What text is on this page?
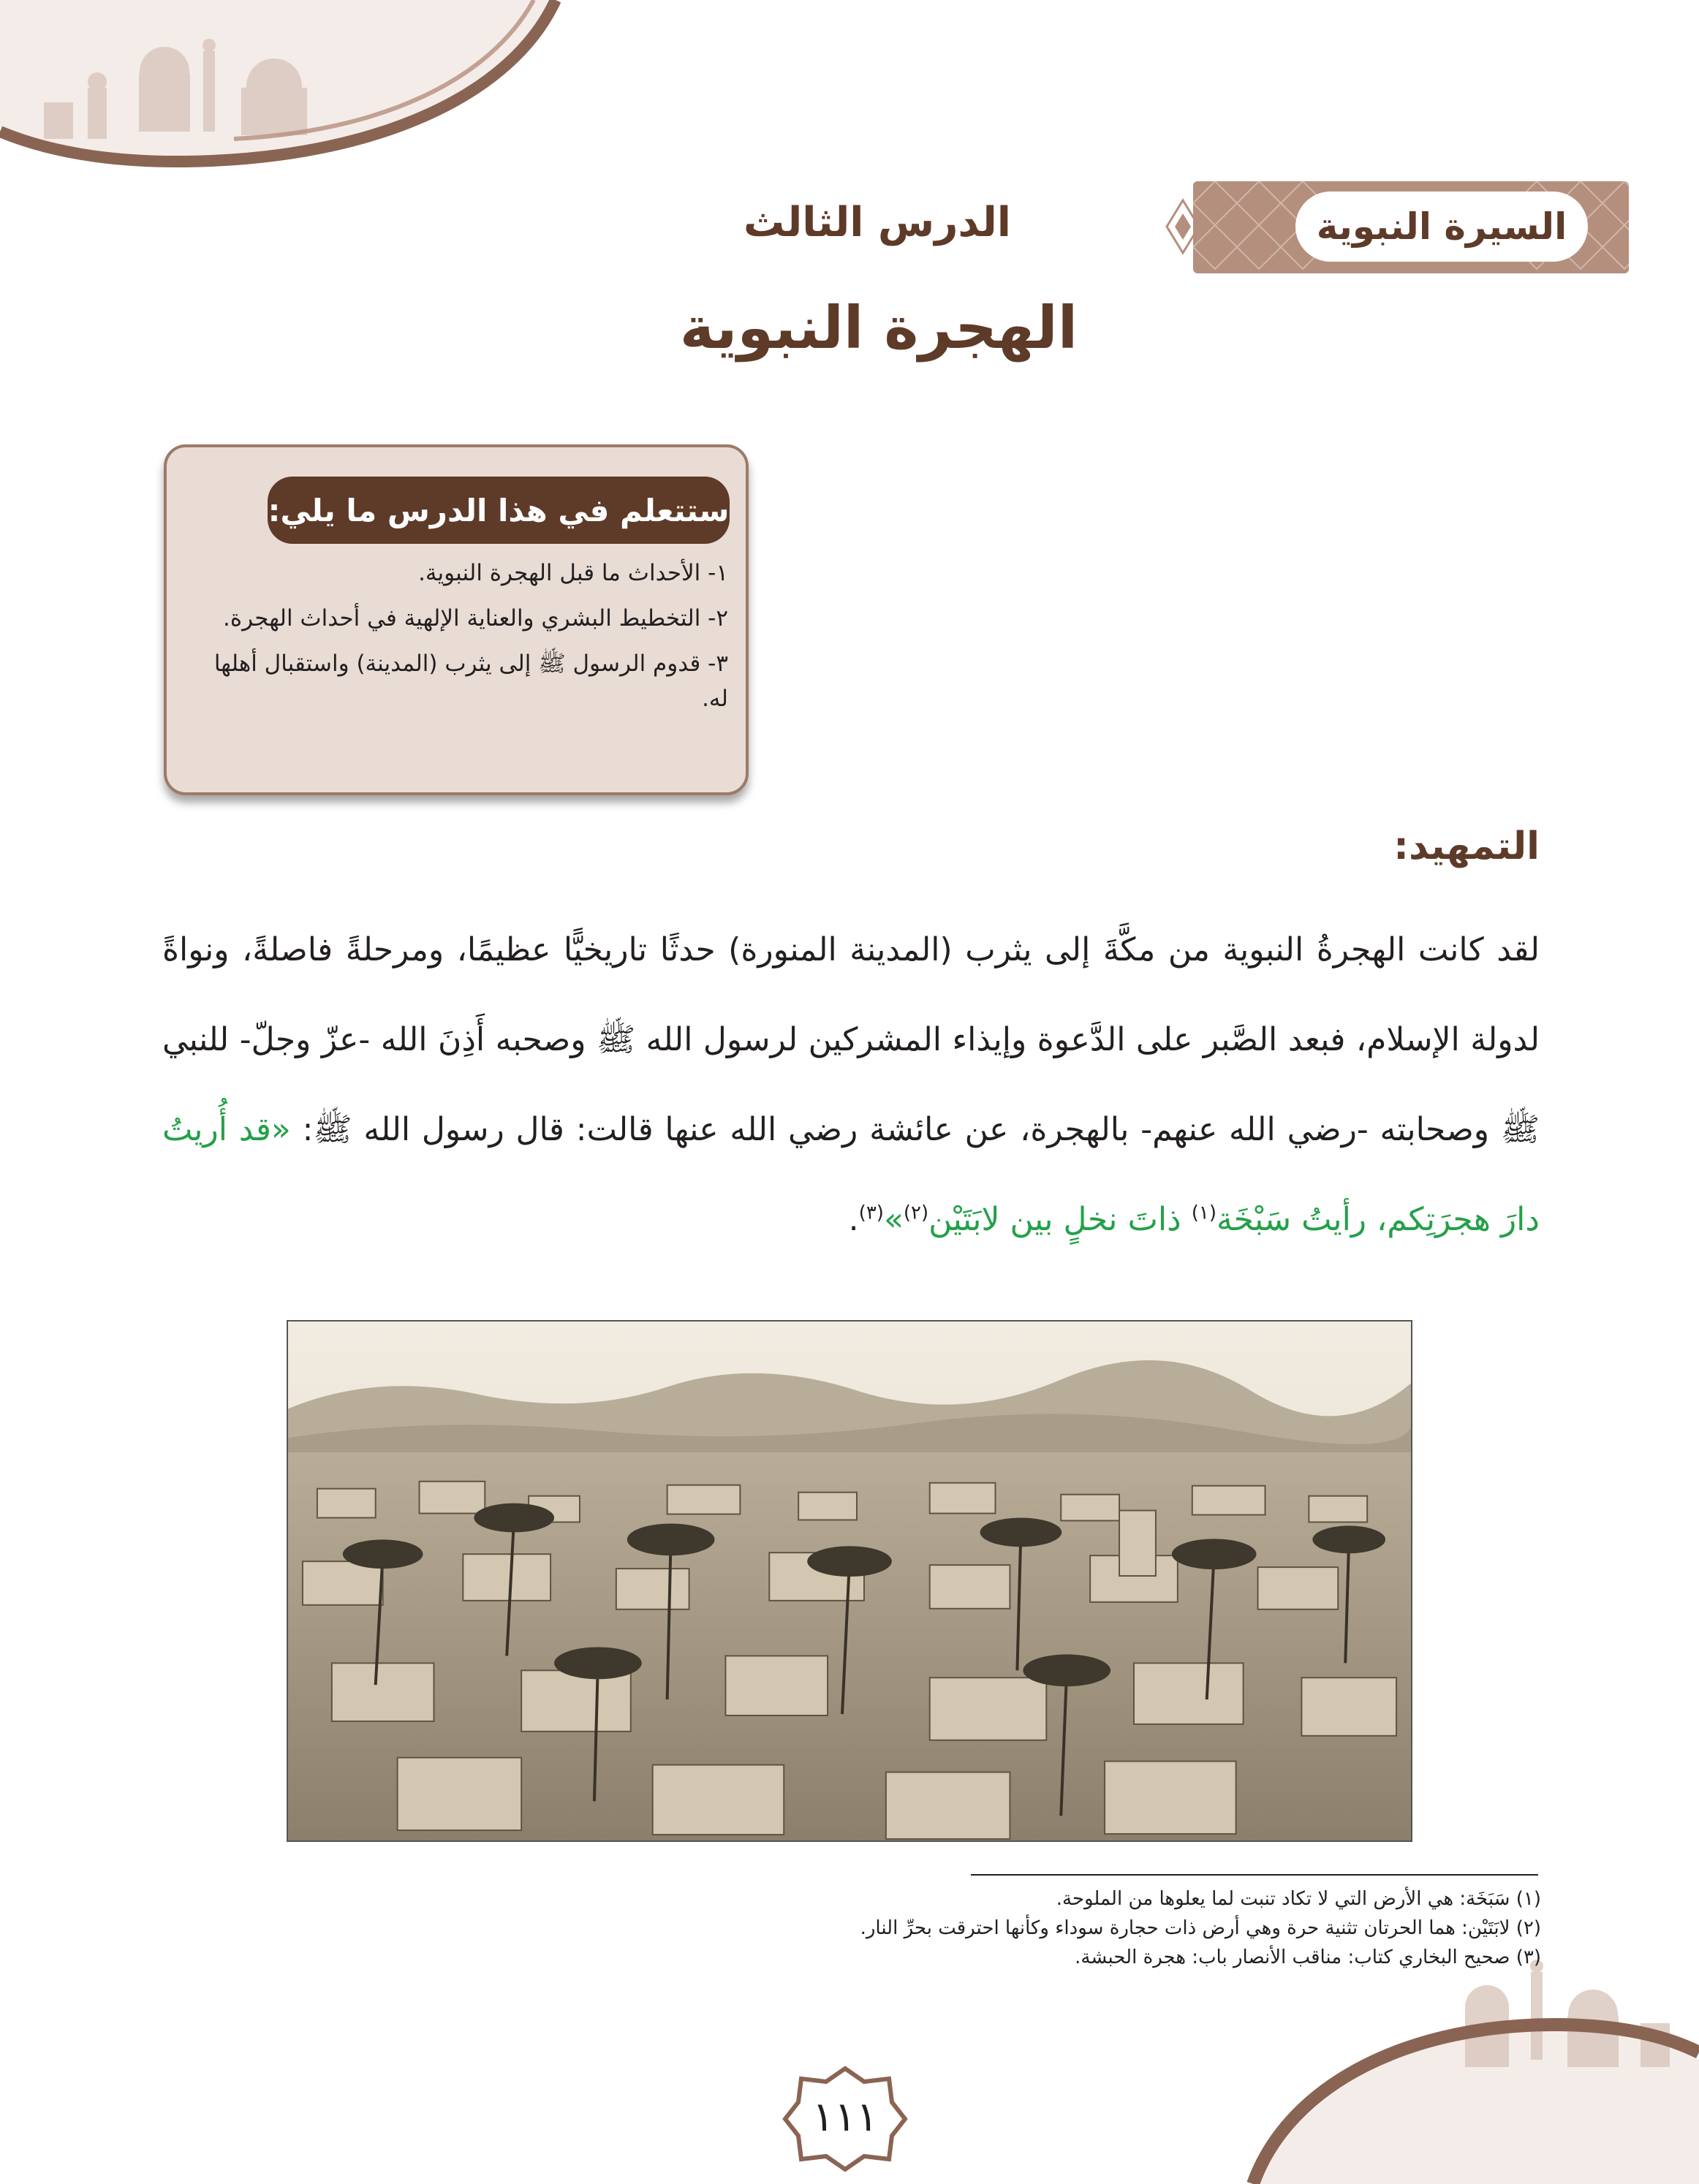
السيرة النبوية
الدرس الثالث
الهجرة النبوية
ستتعلم في هذا الدرس ما يلي:
١- الأحداث ما قبل الهجرة النبوية.
٢- التخطيط البشري والعناية الإلهية في أحداث الهجرة.
٣- قدوم الرسول ﷺ إلى يثرب (المدينة) واستقبال أهلها له.
التمهيد:

لقد كانت الهجرةُ النبوية من مكَّةَ إلى يثرب (المدينة المنورة) حدثًا تاريخيًّا عظيمًا، ومرحلةً فاصلةً، ونواةً لدولة الإسلام، فبعد الصَّبر على الدَّعوة وإيذاء المشركين لرسول الله ﷺ وصحبه أَذِنَ الله -عزّ وجلّ- للنبي ﷺ وصحابته -رضي الله عنهم- بالهجرة، عن عائشة رضي الله عنها قالت: قال رسول الله ﷺ: «قد أُريتُ دارَ هجرَتِكم، رأيتُ سَبْخَة$^{(١)}$ ذاتَ نخلٍ بين لابَتَيْن$^{(٢)}$»$^{(٣)}$.

(١) سَبَخَة: هي الأرض التي لا تكاد تنبت لما يعلوها من الملوحة.
(٢) لابَتَيْن: هما الحرتان تثنية حرة وهي أرض ذات حجارة سوداء وكأنها احترقت بحرِّ النار.
(٣) صحيح البخاري كتاب: مناقب الأنصار باب: هجرة الحبشة.
١١١
